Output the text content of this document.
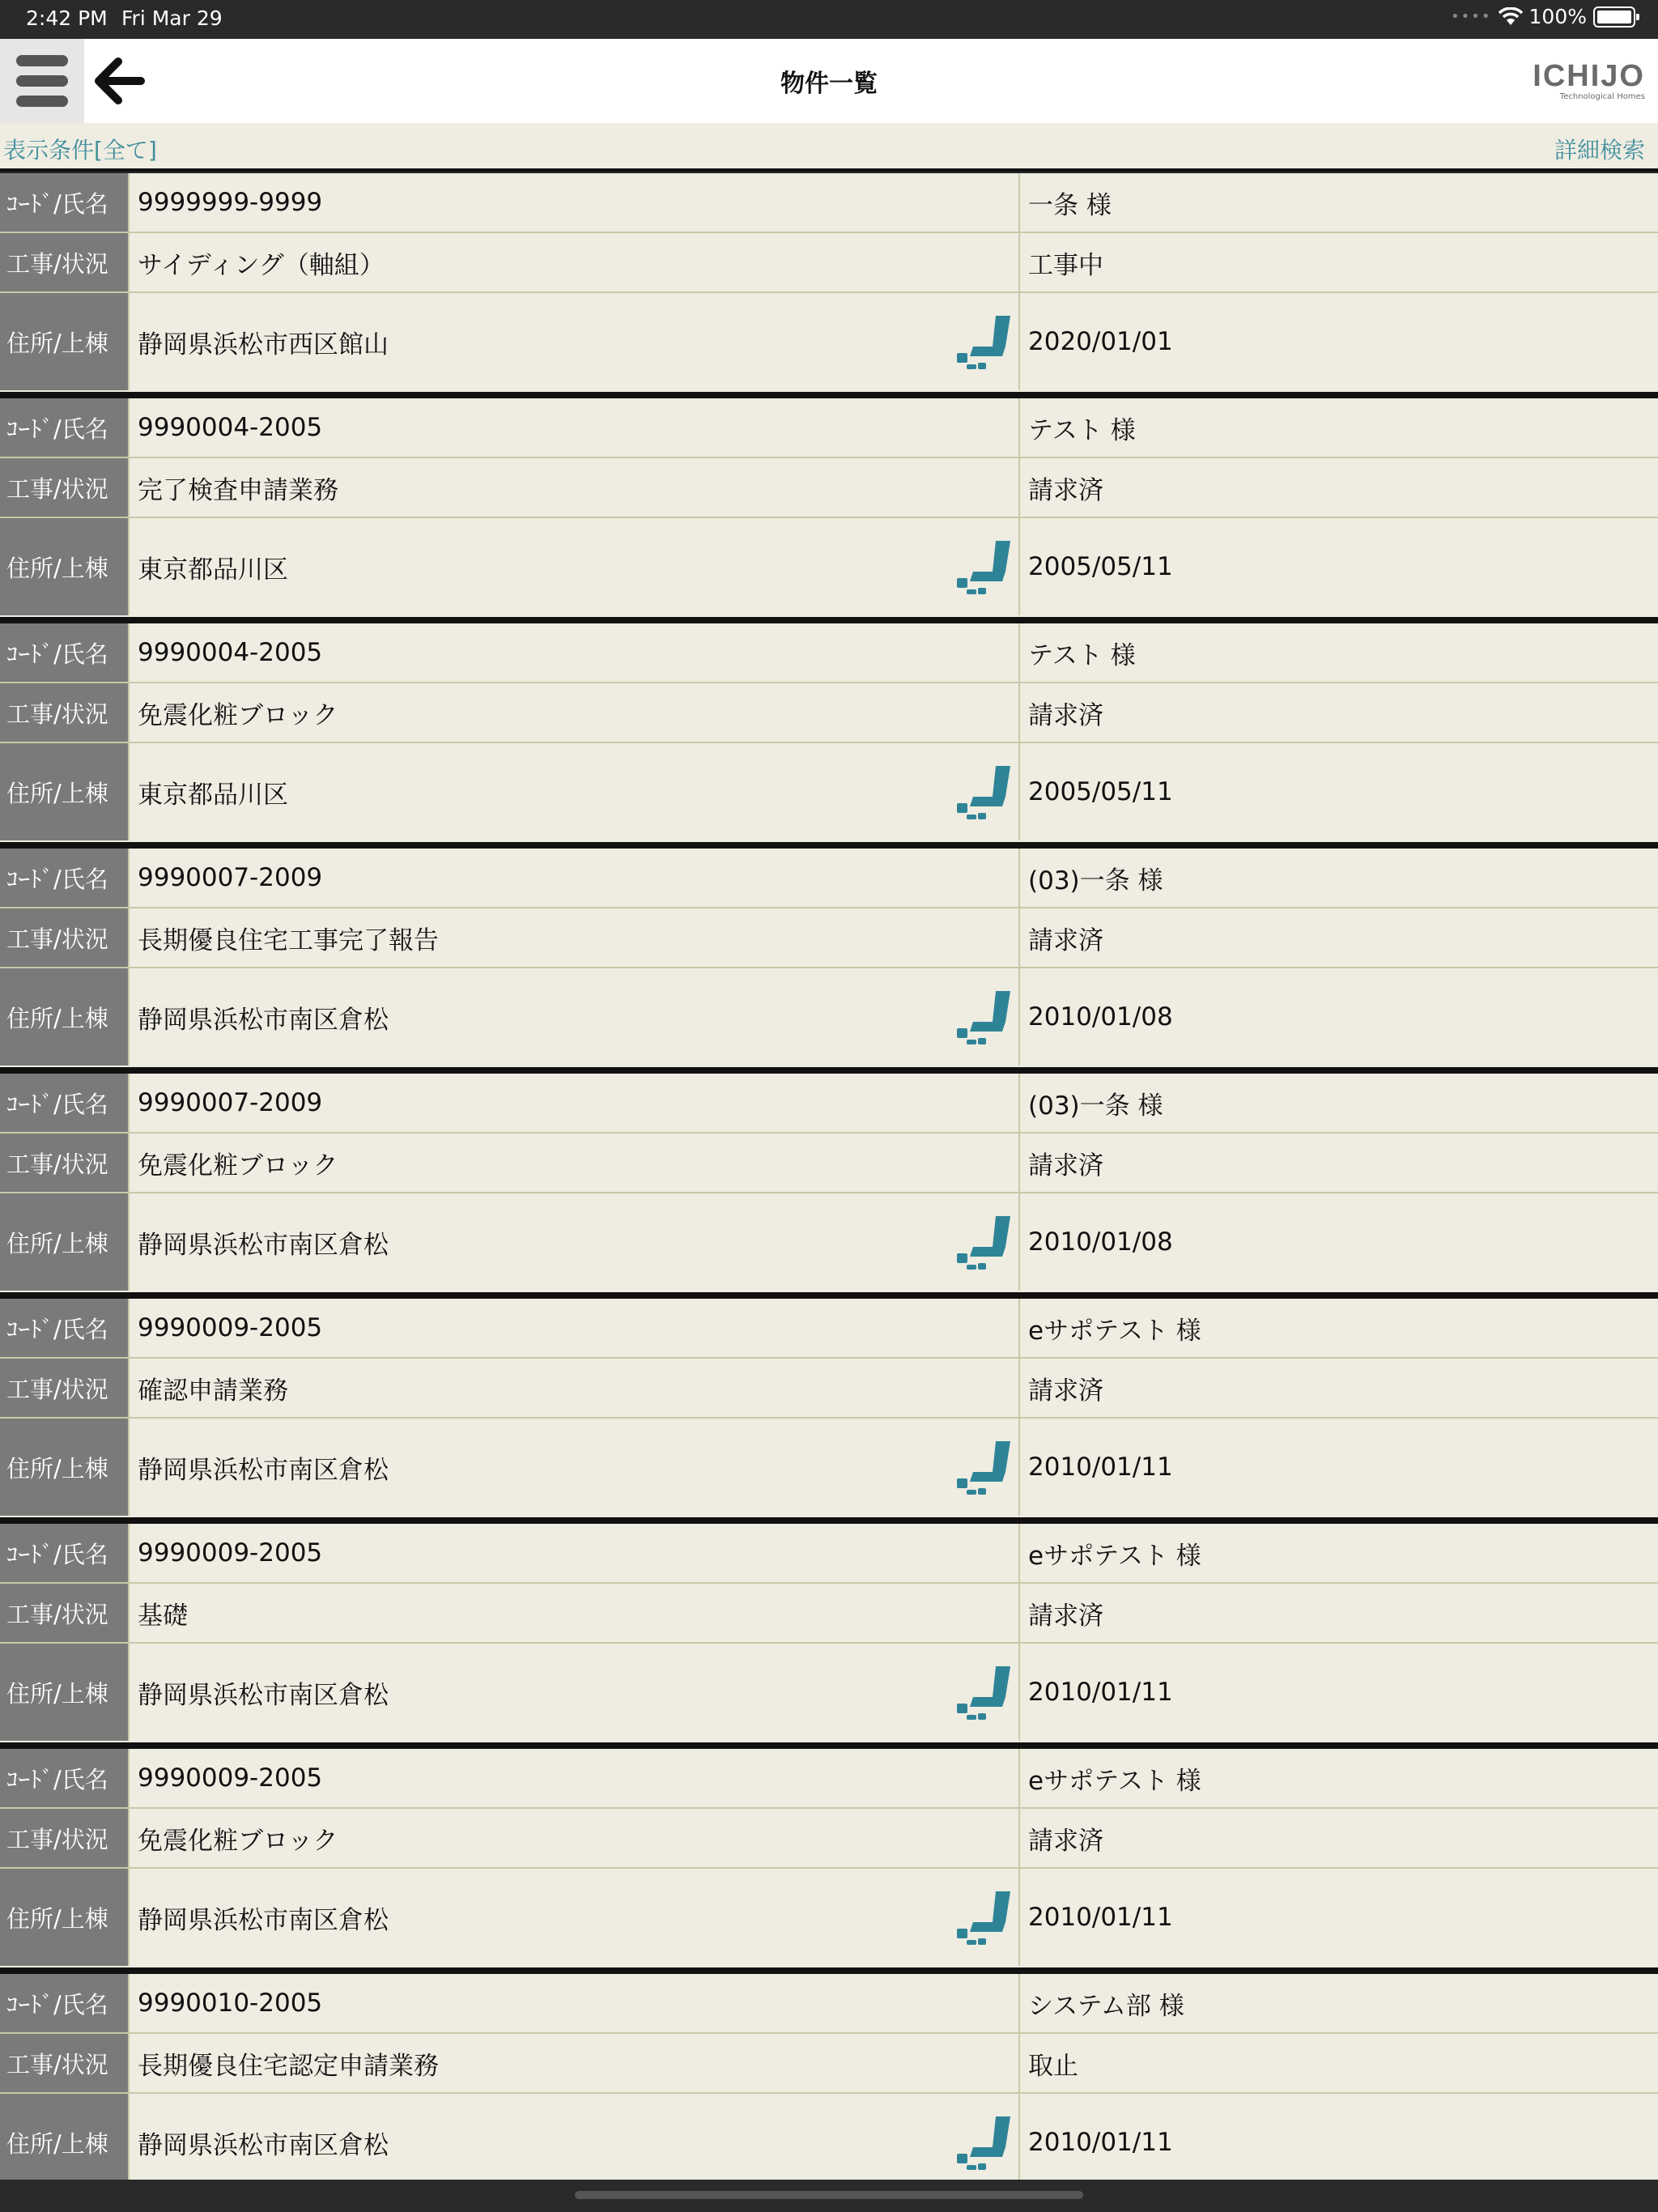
2:42 PM Fri Mar 29	•••• 100%
物件一覧	ICHIJO
Technological Homes
表示条件[全て]	詳細検索
ｺｰﾄﾞ/氏名	9999999-9999	一条 様
工事/状況	サイディング（軸組）	工事中
住所/上棟	静岡県浜松市西区館山	2020/01/01
ｺｰﾄﾞ/氏名	9990004-2005	テスト 様
工事/状況	完了検査申請業務	請求済
住所/上棟	東京都品川区	2005/05/11
ｺｰﾄﾞ/氏名	9990004-2005	テスト 様
工事/状況	免震化粧ブロック	請求済
住所/上棟	東京都品川区	2005/05/11
ｺｰﾄﾞ/氏名	9990007-2009	(03)一条 様
工事/状況	長期優良住宅工事完了報告	請求済
住所/上棟	静岡県浜松市南区倉松	2010/01/08
ｺｰﾄﾞ/氏名	9990007-2009	(03)一条 様
工事/状況	免震化粧ブロック	請求済
住所/上棟	静岡県浜松市南区倉松	2010/01/08
ｺｰﾄﾞ/氏名	9990009-2005	eサポテスト 様
工事/状況	確認申請業務	請求済
住所/上棟	静岡県浜松市南区倉松	2010/01/11
ｺｰﾄﾞ/氏名	9990009-2005	eサポテスト 様
工事/状況	基礎	請求済
住所/上棟	静岡県浜松市南区倉松	2010/01/11
ｺｰﾄﾞ/氏名	9990009-2005	eサポテスト 様
工事/状況	免震化粧ブロック	請求済
住所/上棟	静岡県浜松市南区倉松	2010/01/11
ｺｰﾄﾞ/氏名	9990010-2005	システム部 様
工事/状況	長期優良住宅認定申請業務	取止
住所/上棟	静岡県浜松市南区倉松	2010/01/11
